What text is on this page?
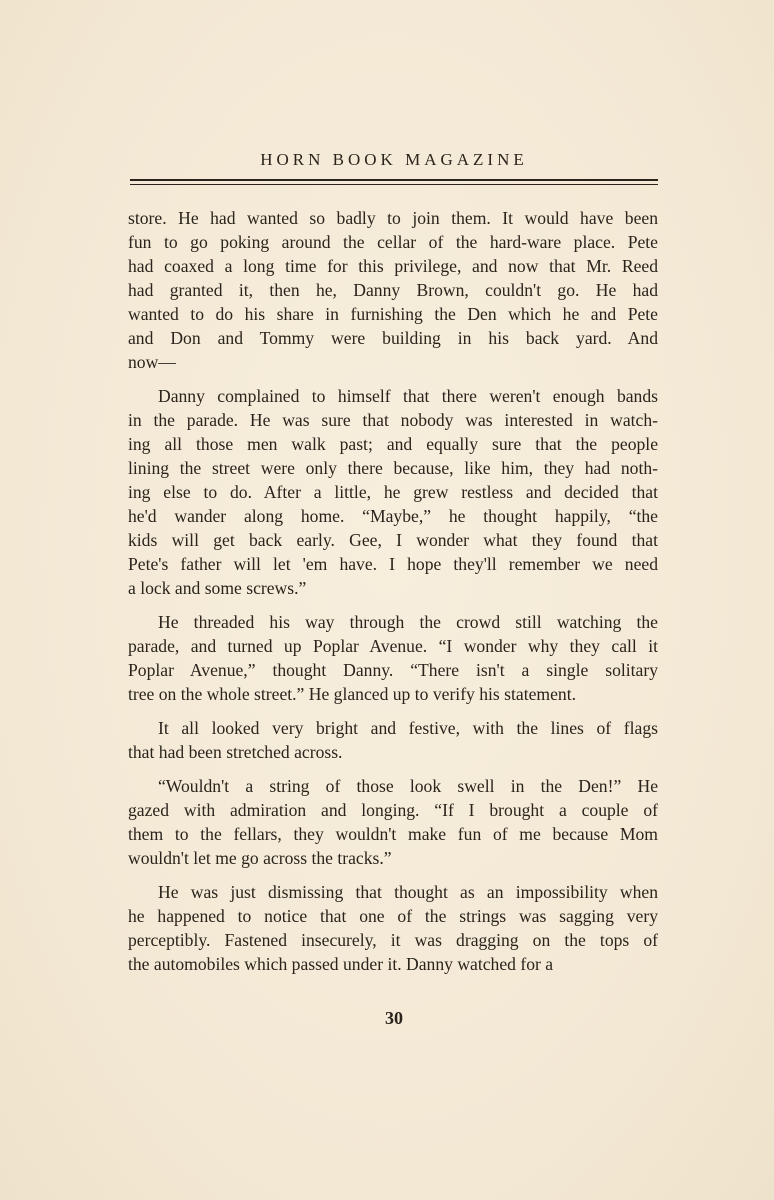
HORN BOOK MAGAZINE
store. He had wanted so badly to join them. It would have been
fun to go poking around the cellar of the hard-ware place. Pete
had coaxed a long time for this privilege, and now that Mr. Reed
had granted it, then he, Danny Brown, couldn't go. He had
wanted to do his share in furnishing the Den which he and Pete
and Don and Tommy were building in his back yard. And
now—
Danny complained to himself that there weren't enough bands
in the parade. He was sure that nobody was interested in watch-
ing all those men walk past; and equally sure that the people
lining the street were only there because, like him, they had noth-
ing else to do. After a little, he grew restless and decided that
he'd wander along home. “Maybe,” he thought happily, “the
kids will get back early. Gee, I wonder what they found that
Pete's father will let 'em have. I hope they'll remember we need
a lock and some screws.”
He threaded his way through the crowd still watching the
parade, and turned up Poplar Avenue. “I wonder why they call it
Poplar Avenue,” thought Danny. “There isn't a single solitary
tree on the whole street.” He glanced up to verify his statement.
It all looked very bright and festive, with the lines of flags
that had been stretched across.
“Wouldn't a string of those look swell in the Den!” He
gazed with admiration and longing. “If I brought a couple of
them to the fellars, they wouldn't make fun of me because Mom
wouldn't let me go across the tracks.”
He was just dismissing that thought as an impossibility when
he happened to notice that one of the strings was sagging very
perceptibly. Fastened insecurely, it was dragging on the tops of
the automobiles which passed under it. Danny watched for a
30
